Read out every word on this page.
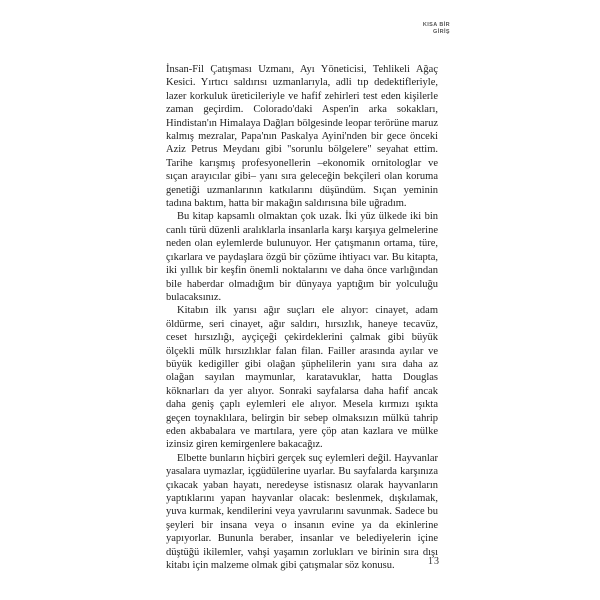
KISA BİR
GİRİŞ

İnsan-Fil Çatışması Uzmanı, Ayı Yöneticisi, Tehlikeli Ağaç Kesici. Yırtıcı saldırısı uzmanlarıyla, adli tıp dedektifleriyle, lazer korkuluk üreticileriyle ve hafif zehirleri test eden kişilerle zaman geçirdim. Colorado'daki Aspen'in arka sokakları, Hindistan'ın Himalaya Dağları bölgesinde leopar terörüne maruz kalmış mezralar, Papa'nın Paskalya Ayini'nden bir gece önceki Aziz Petrus Meydanı gibi "sorunlu bölgelere" seyahat ettim. Tarihe karışmış profesyonellerin –ekonomik ornitologlar ve sıçan arayıcılar gibi– yanı sıra geleceğin bekçileri olan koruma genetiği uzmanlarının katkılarını düşündüm. Sıçan yeminin tadına baktım, hatta bir makağın saldırısına bile uğradım.

Bu kitap kapsamlı olmaktan çok uzak. İki yüz ülkede iki bin canlı türü düzenli aralıklarla insanlarla karşı karşıya gelmelerine neden olan eylemlerde bulunuyor. Her çatışmanın ortama, türe, çıkarlara ve paydaşlara özgü bir çözüme ihtiyacı var. Bu kitapta, iki yıllık bir keşfin önemli noktalarını ve daha önce varlığından bile haberdar olmadığım bir dünyaya yaptığım bir yolculuğu bulacaksınız.

Kitabın ilk yarısı ağır suçları ele alıyor: cinayet, adam öldürme, seri cinayet, ağır saldırı, hırsızlık, haneye tecavüz, ceset hırsızlığı, ayçiçeği çekirdeklerini çalmak gibi büyük ölçekli mülk hırsızlıklar falan filan. Failler arasında ayılar ve büyük kedigiller gibi olağan şüphelilerin yanı sıra daha az olağan sayılan maymunlar, karatavuklar, hatta Douglas köknarları da yer alıyor. Sonraki sayfalarsa daha hafif ancak daha geniş çaplı eylemleri ele alıyor. Mesela kırmızı ışıkta geçen toynaklılara, belirgin bir sebep olmaksızın mülkü tahrip eden akbabalara ve martılara, yere çöp atan kazlara ve mülke izinsiz giren kemirgenlere bakacağız.

Elbette bunların hiçbiri gerçek suç eylemleri değil. Hayvanlar yasalara uymazlar, içgüdülerine uyarlar. Bu sayfalarda karşınıza çıkacak yaban hayatı, neredeyse istisnasız olarak hayvanların yaptıklarını yapan hayvanlar olacak: beslenmek, dışkılamak, yuva kurmak, kendilerini veya yavrularını savunmak. Sadece bu şeyleri bir insana veya o insanın evine ya da ekinlerine yapıyorlar. Bununla beraber, insanlar ve belediyelerin içine düştüğü ikilemler, vahşi yaşamın zorlukları ve birinin sıra dışı kitabı için malzeme olmak gibi çatışmalar söz konusu.	13
